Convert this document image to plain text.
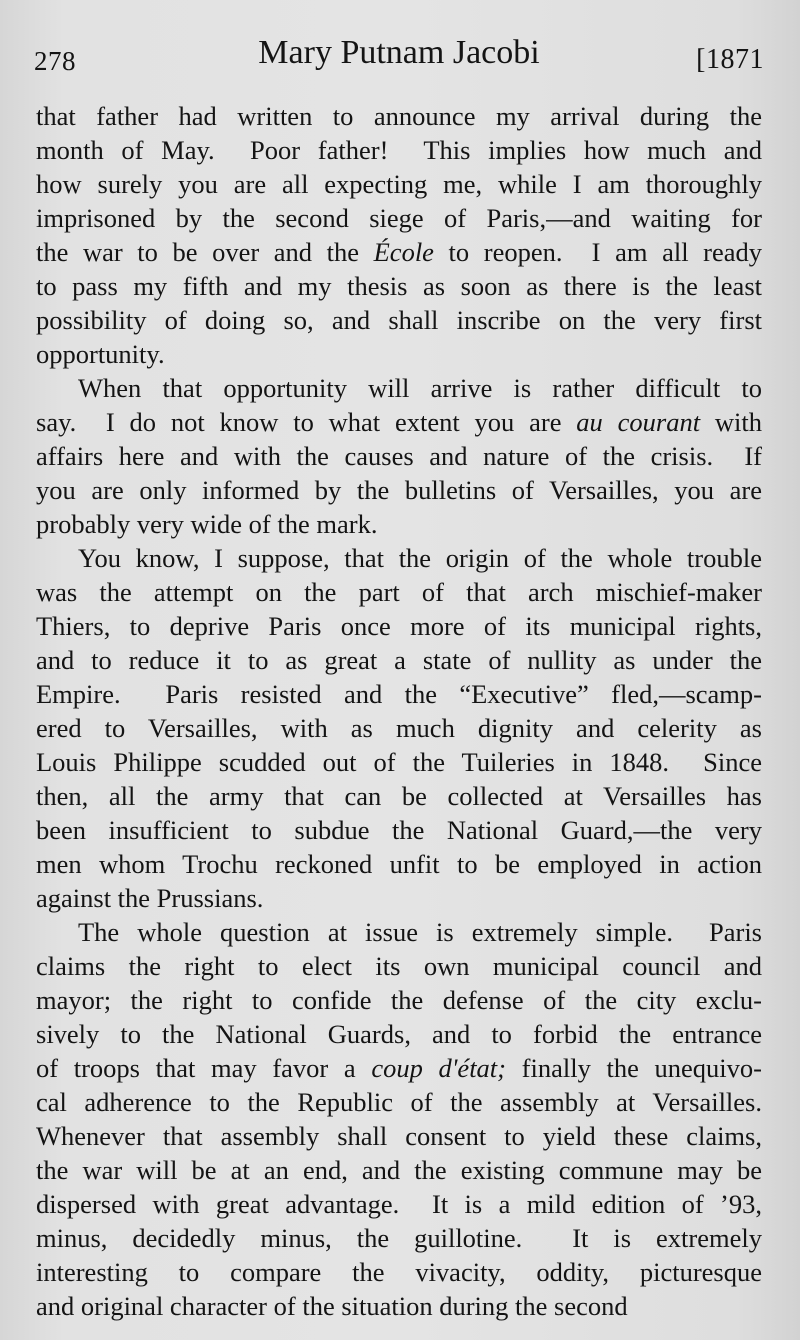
278	Mary Putnam Jacobi	[1871
that father had written to announce my arrival during the
month of May.  Poor father!  This implies how much and
how surely you are all expecting me, while I am thoroughly
imprisoned by the second siege of Paris,—and waiting for
the war to be over and the École to reopen.  I am all ready
to pass my fifth and my thesis as soon as there is the least
possibility of doing so, and shall inscribe on the very first
opportunity.
When that opportunity will arrive is rather difficult to
say.  I do not know to what extent you are au courant with
affairs here and with the causes and nature of the crisis.  If
you are only informed by the bulletins of Versailles, you are
probably very wide of the mark.
You know, I suppose, that the origin of the whole trouble
was the attempt on the part of that arch mischief-maker
Thiers, to deprive Paris once more of its municipal rights,
and to reduce it to as great a state of nullity as under the
Empire.  Paris resisted and the “Executive” fled,—scamp-
ered to Versailles, with as much dignity and celerity as
Louis Philippe scudded out of the Tuileries in 1848.  Since
then, all the army that can be collected at Versailles has
been insufficient to subdue the National Guard,—the very
men whom Trochu reckoned unfit to be employed in action
against the Prussians.
The whole question at issue is extremely simple.  Paris
claims the right to elect its own municipal council and
mayor; the right to confide the defense of the city exclu-
sively to the National Guards, and to forbid the entrance
of troops that may favor a coup d'état; finally the unequivo-
cal adherence to the Republic of the assembly at Versailles.
Whenever that assembly shall consent to yield these claims,
the war will be at an end, and the existing commune may be
dispersed with great advantage.  It is a mild edition of ’93,
minus, decidedly minus, the guillotine.  It is extremely
interesting to compare the vivacity, oddity, picturesque
and original character of the situation during the second
